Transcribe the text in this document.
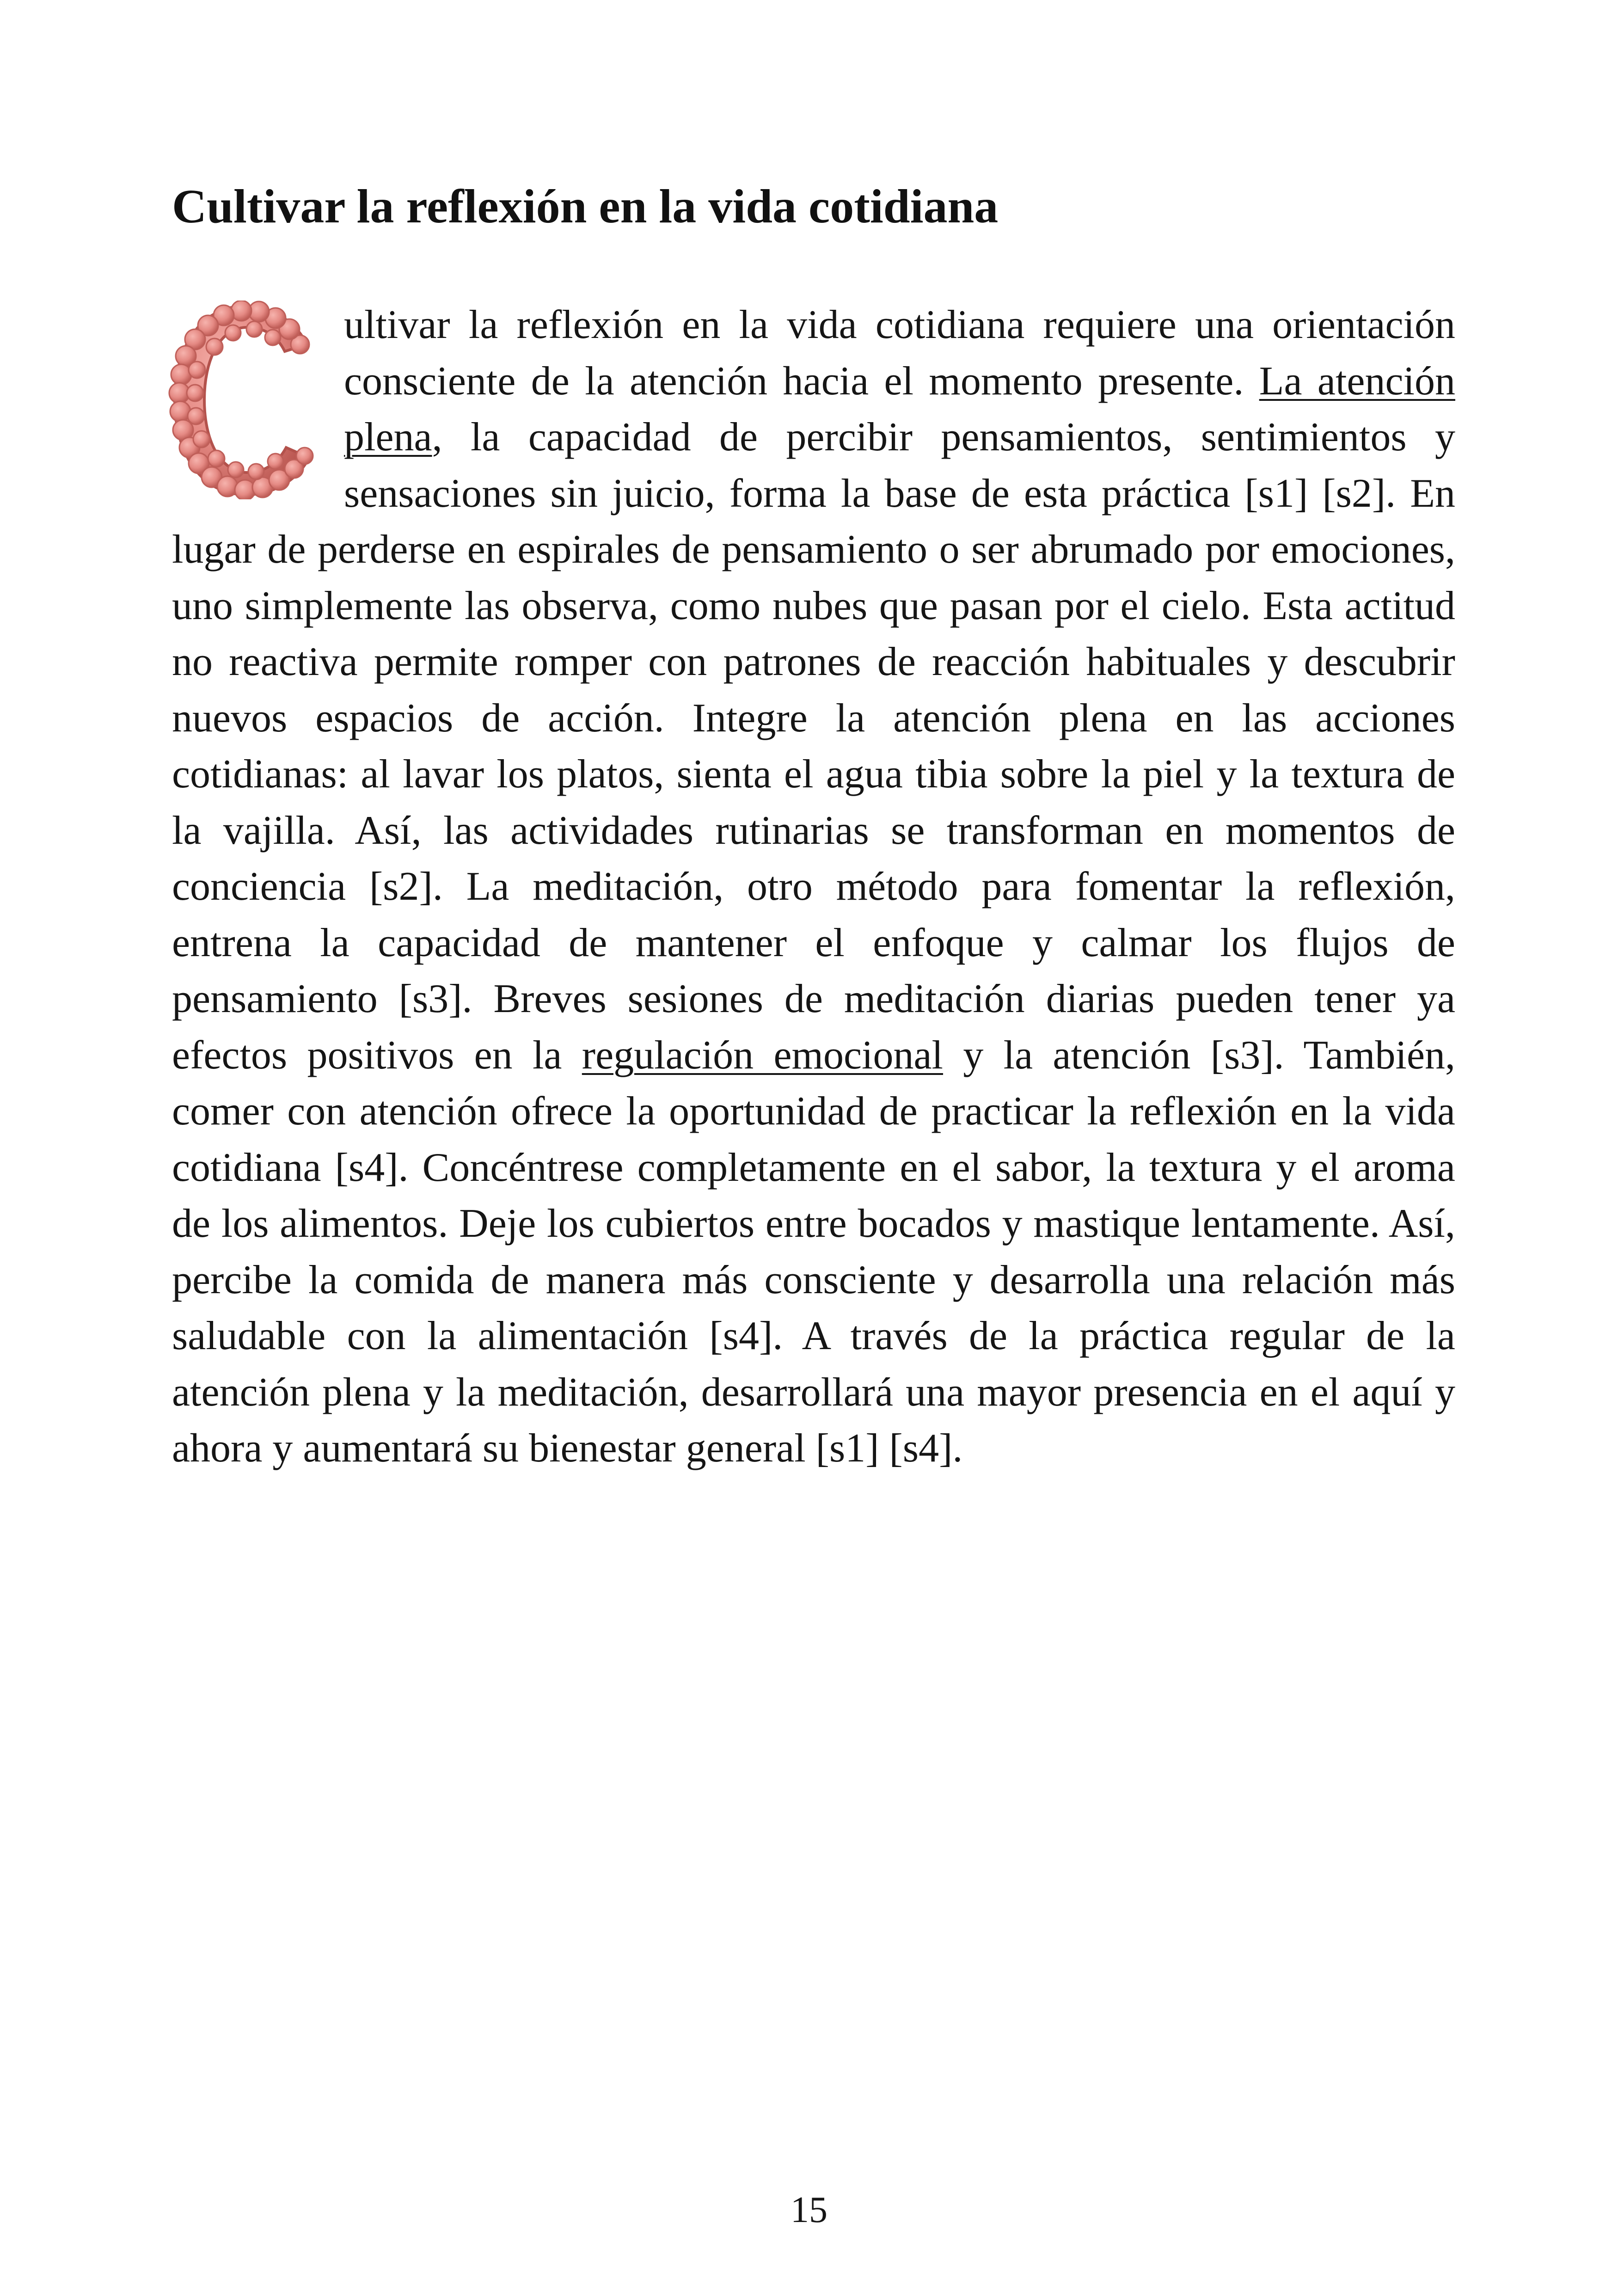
Cultivar la reflexión en la vida cotidiana

ultivar la reflexión en la vida cotidiana requiere una orientación consciente de la atención hacia el momento presente. La atención plena, la capacidad de percibir pensamientos, sentimientos y sensaciones sin juicio, forma la base de esta práctica [s1] [s2]. En lugar de perderse en espirales de pensamiento o ser abrumado por emociones, uno simplemente las observa, como nubes que pasan por el cielo. Esta actitud no reactiva permite romper con patrones de reacción habituales y descubrir nuevos espacios de acción. Integre la atención plena en las acciones cotidianas: al lavar los platos, sienta el agua tibia sobre la piel y la textura de la vajilla. Así, las actividades rutinarias se transforman en momentos de conciencia [s2]. La meditación, otro método para fomentar la reflexión, entrena la capacidad de mantener el enfoque y calmar los flujos de pensamiento [s3]. Breves sesiones de meditación diarias pueden tener ya efectos positivos en la regulación emocional y la atención [s3]. También, comer con atención ofrece la oportunidad de practicar la reflexión en la vida cotidiana [s4]. Concéntrese completamente en el sabor, la textura y el aroma de los alimentos. Deje los cubiertos entre bocados y mastique lentamente. Así, percibe la comida de manera más consciente y desarrolla una relación más saludable con la alimentación [s4]. A través de la práctica regular de la atención plena y la meditación, desarrollará una mayor presencia en el aquí y ahora y aumentará su bienestar general [s1] [s4].

15
